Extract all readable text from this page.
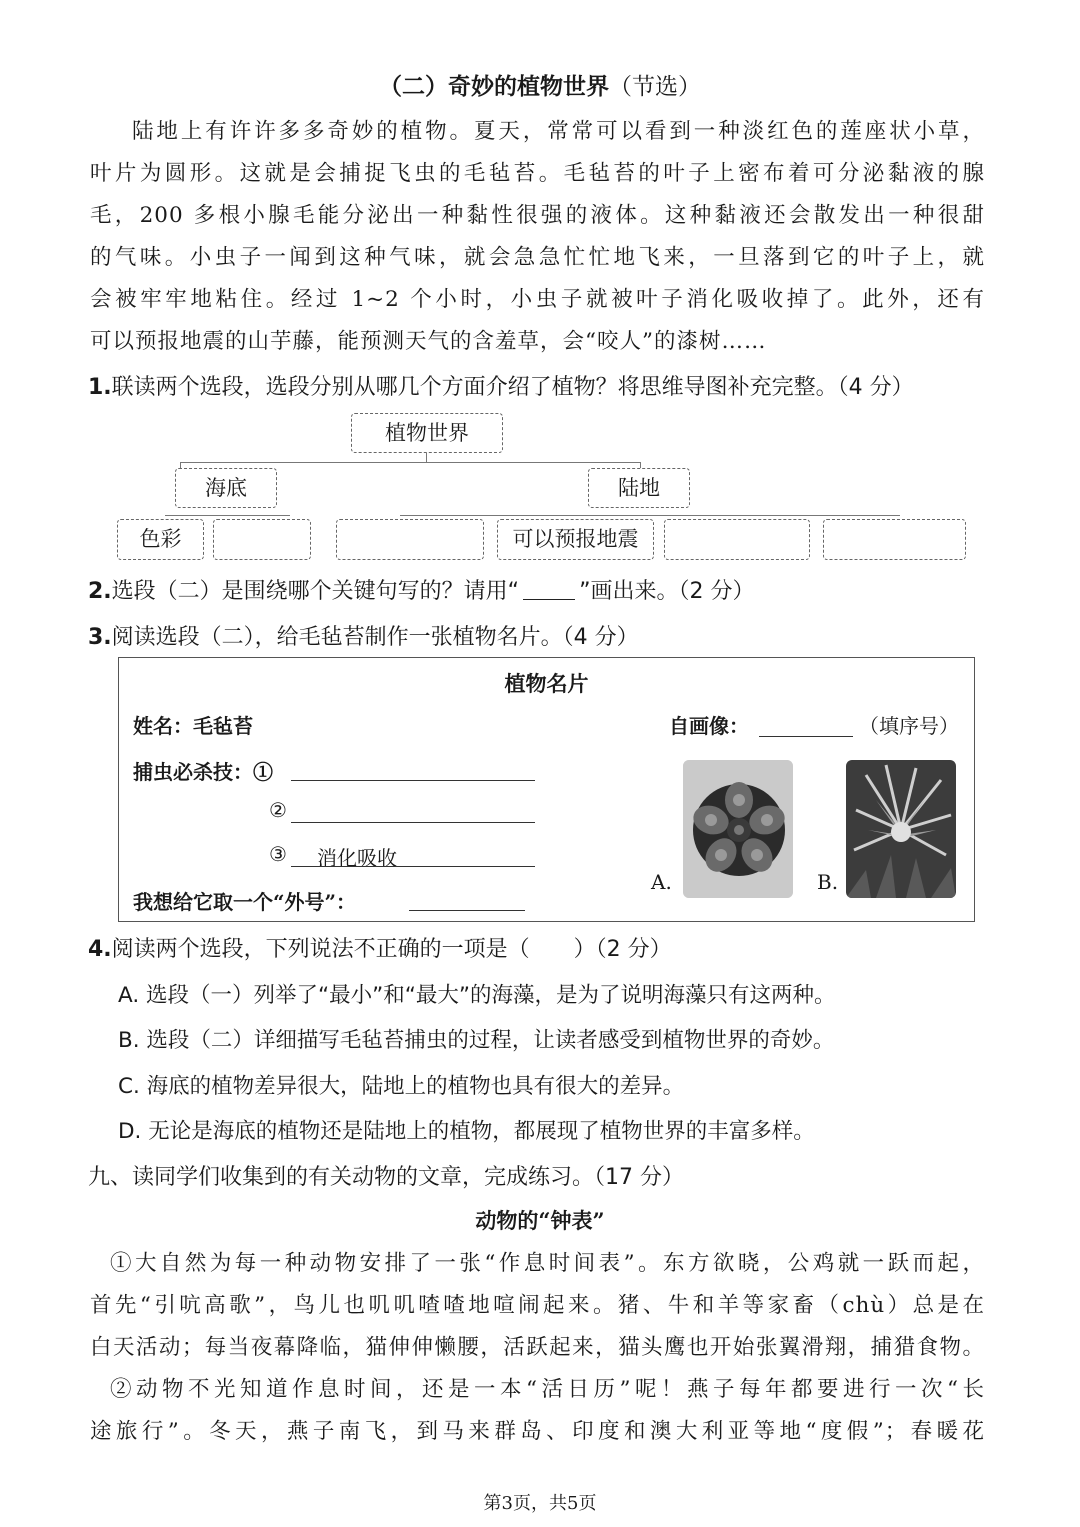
（二）奇妙的植物世界（节选）
陆地上有许许多多奇妙的植物。夏天，常常可以看到一种淡红色的莲座状小草，
叶片为圆形。这就是会捕捉飞虫的毛毡苔。毛毡苔的叶子上密布着可分泌黏液的腺
毛，200 多根小腺毛能分泌出一种黏性很强的液体。这种黏液还会散发出一种很甜
的气味。小虫子一闻到这种气味，就会急急忙忙地飞来，一旦落到它的叶子上，就
会被牢牢地粘住。经过 1~2 个小时，小虫子就被叶子消化吸收掉了。此外，还有
可以预报地震的山芋藤，能预测天气的含羞草，会“咬人”的漆树……
1.联读两个选段，选段分别从哪几个方面介绍了植物？将思维导图补充完整。（4 分）
植物世界
海底	陆地
色彩	可以预报地震
2.选段（二）是围绕哪个关键句写的？请用“	”画出来。（2 分）
3.阅读选段（二），给毛毡苔制作一张植物名片。（4 分）
植物名片
姓名：毛毡苔	自画像：	（填序号）
捕虫必杀技：①
②
③ 消化吸收
我想给它取一个“外号”：
A.	B.
4.阅读两个选段，下列说法不正确的一项是（　　）（2 分）
A. 选段（一）列举了“最小”和“最大”的海藻，是为了说明海藻只有这两种。
B. 选段（二）详细描写毛毡苔捕虫的过程，让读者感受到植物世界的奇妙。
C. 海底的植物差异很大，陆地上的植物也具有很大的差异。
D. 无论是海底的植物还是陆地上的植物，都展现了植物世界的丰富多样。
九、读同学们收集到的有关动物的文章，完成练习。（17 分）
动物的“钟表”
①大自然为每一种动物安排了一张“作息时间表”。东方欲晓，公鸡就一跃而起，
首先“引吭高歌”，鸟儿也叽叽喳喳地喧闹起来。猪、牛和羊等家畜（chù）总是在
白天活动；每当夜幕降临，猫伸伸懒腰，活跃起来，猫头鹰也开始张翼滑翔，捕猎食物。
②动物不光知道作息时间，还是一本“活日历”呢！燕子每年都要进行一次“长
途旅行”。冬天，燕子南飞，到马来群岛、印度和澳大利亚等地“度假”；春暖花
第3页，共5页
